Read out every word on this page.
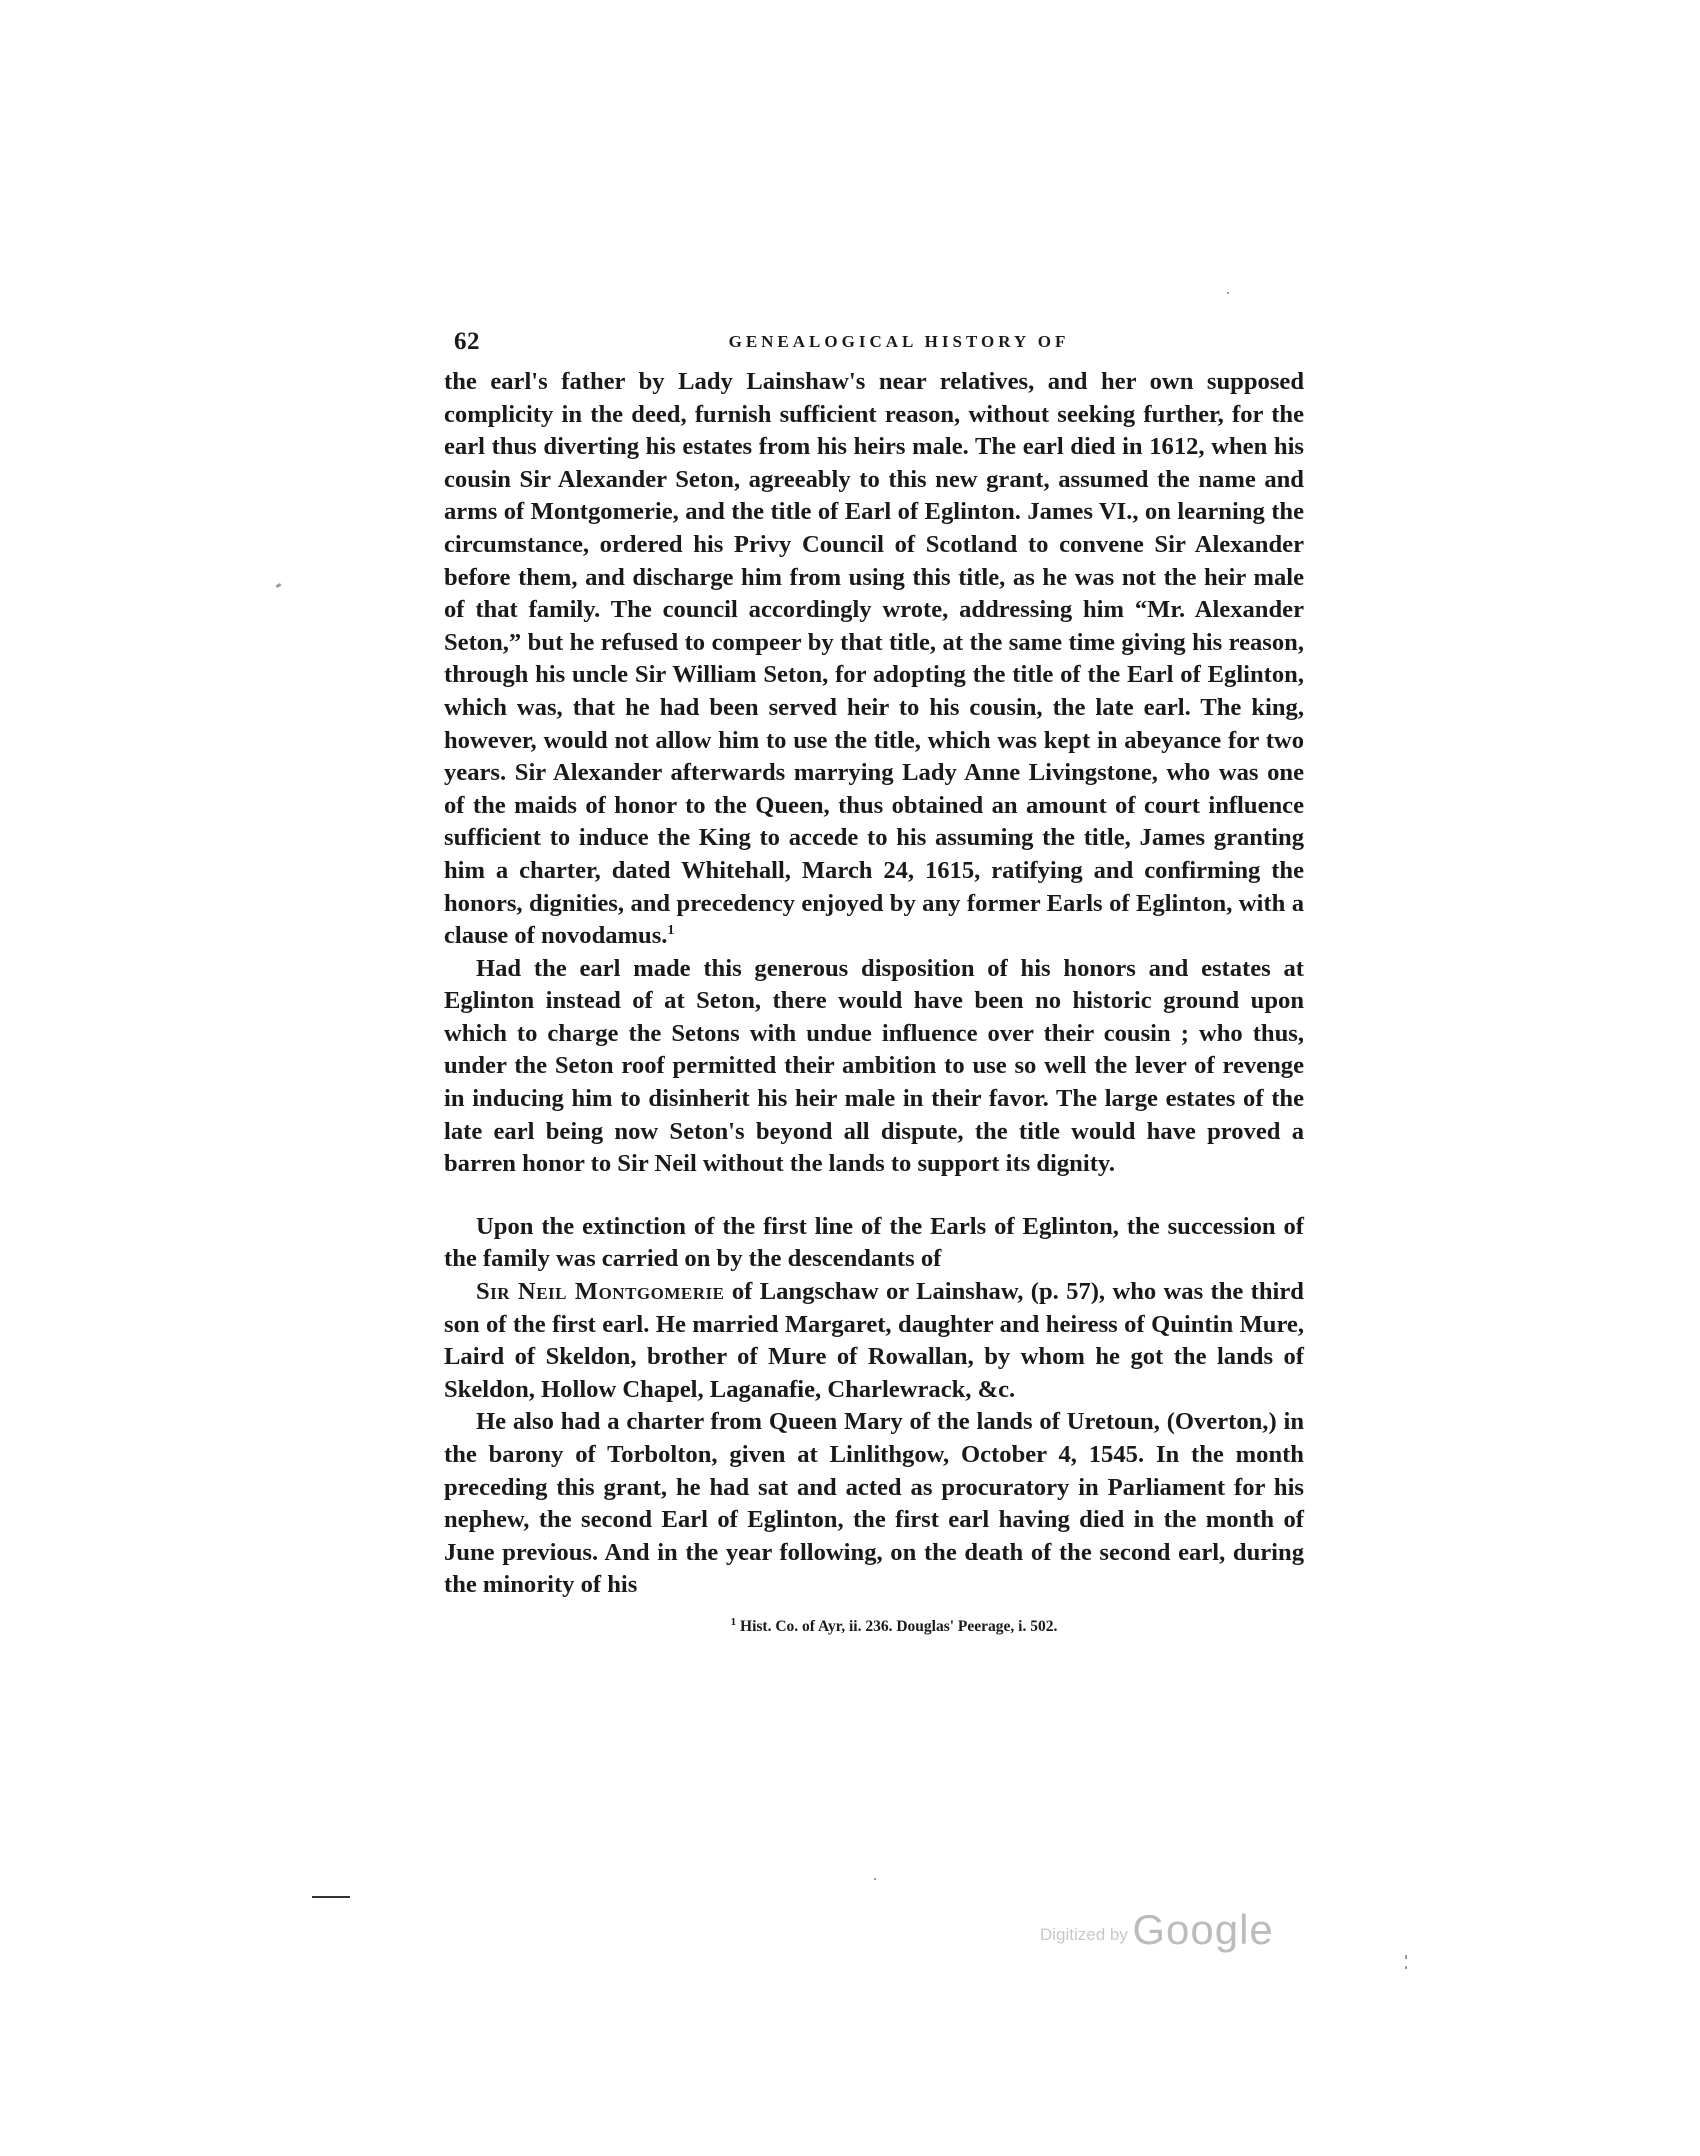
62	GENEALOGICAL HISTORY OF

the earl's father by Lady Lainshaw's near relatives, and her own supposed complicity in the deed, furnish sufficient reason, without seeking further, for the earl thus diverting his estates from his heirs male. The earl died in 1612, when his cousin Sir Alexander Seton, agreeably to this new grant, assumed the name and arms of Montgomerie, and the title of Earl of Eglinton. James VI., on learning the circumstance, ordered his Privy Council of Scotland to convene Sir Alexander before them, and discharge him from using this title, as he was not the heir male of that family. The council accordingly wrote, addressing him “Mr. Alexander Seton,” but he refused to compeer by that title, at the same time giving his reason, through his uncle Sir William Seton, for adopting the title of the Earl of Eglinton, which was, that he had been served heir to his cousin, the late earl. The king, however, would not allow him to use the title, which was kept in abeyance for two years. Sir Alexander afterwards marrying Lady Anne Livingstone, who was one of the maids of honor to the Queen, thus obtained an amount of court influence sufficient to induce the King to accede to his assuming the title, James granting him a charter, dated Whitehall, March 24, 1615, ratifying and confirming the honors, dignities, and precedency enjoyed by any former Earls of Eglinton, with a clause of novodamus.$^1$

Had the earl made this generous disposition of his honors and estates at Eglinton instead of at Seton, there would have been no historic ground upon which to charge the Setons with undue influence over their cousin ; who thus, under the Seton roof permitted their ambition to use so well the lever of revenge in inducing him to disinherit his heir male in their favor. The large estates of the late earl being now Seton's beyond all dispute, the title would have proved a barren honor to Sir Neil without the lands to support its dignity.

Upon the extinction of the first line of the Earls of Eglinton, the succession of the family was carried on by the descendants of

Sir Neil Montgomerie of Langschaw or Lainshaw, (p. 57), who was the third son of the first earl. He married Margaret, daughter and heiress of Quintin Mure, Laird of Skeldon, brother of Mure of Rowallan, by whom he got the lands of Skeldon, Hollow Chapel, Laganafie, Charlewrack, &c.

He also had a charter from Queen Mary of the lands of Uretoun, (Overton,) in the barony of Torbolton, given at Linlithgow, October 4, 1545. In the month preceding this grant, he had sat and acted as procuratory in Parliament for his nephew, the second Earl of Eglinton, the first earl having died in the month of June previous. And in the year following, on the death of the second earl, during the minority of his

$^1$ Hist. Co. of Ayr, ii. 236. Douglas' Peerage, i. 502.
Digitized by Google
